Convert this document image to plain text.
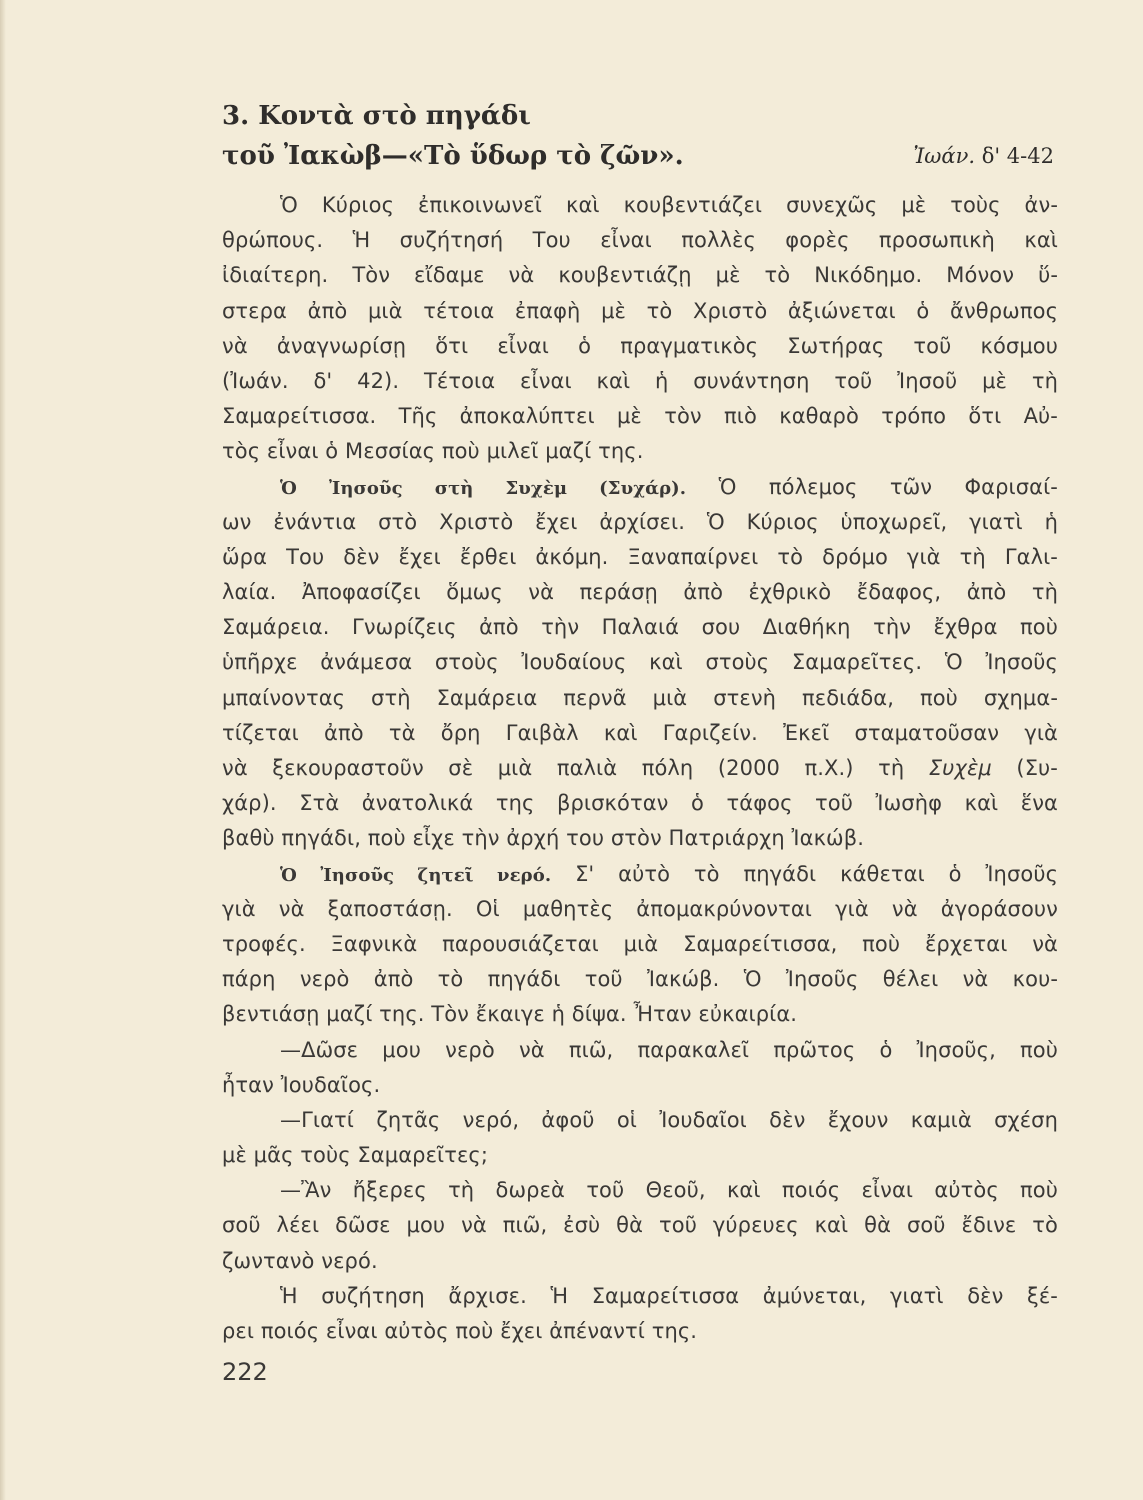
3. Κοντὰ στὸ πηγάδι
τοῦ Ἰακὼβ—«Τὸ ὕδωρ τὸ ζῶν».	Ἰωάν. δ' 4-42
Ὁ Κύριος ἐπικοινωνεῖ καὶ κουβεντιάζει συνεχῶς μὲ τοὺς ἀν-
θρώπους. Ἡ συζήτησή Του εἶναι πολλὲς φορὲς προσωπικὴ καὶ
ἰδιαίτερη. Τὸν εἴδαμε νὰ κουβεντιάζῃ μὲ τὸ Νικόδημο. Μόνον ὕ-
στερα ἀπὸ μιὰ τέτοια ἐπαφὴ μὲ τὸ Χριστὸ ἀξιώνεται ὁ ἄνθρωπος
νὰ ἀναγνωρίσῃ ὅτι εἶναι ὁ πραγματικὸς Σωτήρας τοῦ κόσμου
(Ἰωάν. δ' 42). Τέτοια εἶναι καὶ ἡ συνάντηση τοῦ Ἰησοῦ μὲ τὴ
Σαμαρείτισσα. Τῆς ἀποκαλύπτει μὲ τὸν πιὸ καθαρὸ τρόπο ὅτι Αὐ-
τὸς εἶναι ὁ Μεσσίας ποὺ μιλεῖ μαζί της.
Ὁ Ἰησοῦς στὴ Συχὲμ (Συχάρ). Ὁ πόλεμος τῶν Φαρισαί-
ων ἐνάντια στὸ Χριστὸ ἔχει ἀρχίσει. Ὁ Κύριος ὑποχωρεῖ, γιατὶ ἡ
ὥρα Του δὲν ἔχει ἔρθει ἀκόμη. Ξαναπαίρνει τὸ δρόμο γιὰ τὴ Γαλι-
λαία. Ἀποφασίζει ὅμως νὰ περάσῃ ἀπὸ ἐχθρικὸ ἔδαφος, ἀπὸ τὴ
Σαμάρεια. Γνωρίζεις ἀπὸ τὴν Παλαιά σου Διαθήκη τὴν ἔχθρα ποὺ
ὑπῆρχε ἀνάμεσα στοὺς Ἰουδαίους καὶ στοὺς Σαμαρεῖτες. Ὁ Ἰησοῦς
μπαίνοντας στὴ Σαμάρεια περνᾶ μιὰ στενὴ πεδιάδα, ποὺ σχημα-
τίζεται ἀπὸ τὰ ὄρη Γαιβὰλ καὶ Γαριζείν. Ἐκεῖ σταματοῦσαν γιὰ
νὰ ξεκουραστοῦν σὲ μιὰ παλιὰ πόλη (2000 π.Χ.) τὴ Συχὲμ (Συ-
χάρ). Στὰ ἀνατολικά της βρισκόταν ὁ τάφος τοῦ Ἰωσὴφ καὶ ἕνα
βαθὺ πηγάδι, ποὺ εἶχε τὴν ἀρχή του στὸν Πατριάρχη Ἰακώβ.
Ὁ Ἰησοῦς ζητεῖ νερό. Σ' αὐτὸ τὸ πηγάδι κάθεται ὁ Ἰησοῦς
γιὰ νὰ ξαποστάσῃ. Οἱ μαθητὲς ἀπομακρύνονται γιὰ νὰ ἀγοράσουν
τροφές. Ξαφνικὰ παρουσιάζεται μιὰ Σαμαρείτισσα, ποὺ ἔρχεται νὰ
πάρη νερὸ ἀπὸ τὸ πηγάδι τοῦ Ἰακώβ. Ὁ Ἰησοῦς θέλει νὰ κου-
βεντιάσῃ μαζί της. Τὸν ἔκαιγε ἡ δίψα. Ἦταν εὐκαιρία.
—Δῶσε μου νερὸ νὰ πιῶ, παρακαλεῖ πρῶτος ὁ Ἰησοῦς, ποὺ
ἦταν Ἰουδαῖος.
—Γιατί ζητᾶς νερό, ἀφοῦ οἱ Ἰουδαῖοι δὲν ἔχουν καμιὰ σχέση
μὲ μᾶς τοὺς Σαμαρεῖτες;
—Ἂν ἤξερες τὴ δωρεὰ τοῦ Θεοῦ, καὶ ποιός εἶναι αὐτὸς ποὺ
σοῦ λέει δῶσε μου νὰ πιῶ, ἐσὺ θὰ τοῦ γύρευες καὶ θὰ σοῦ ἔδινε τὸ
ζωντανὸ νερό.
Ἡ συζήτηση ἄρχισε. Ἡ Σαμαρείτισσα ἀμύνεται, γιατὶ δὲν ξέ-
ρει ποιός εἶναι αὐτὸς ποὺ ἔχει ἀπέναντί της.
222
